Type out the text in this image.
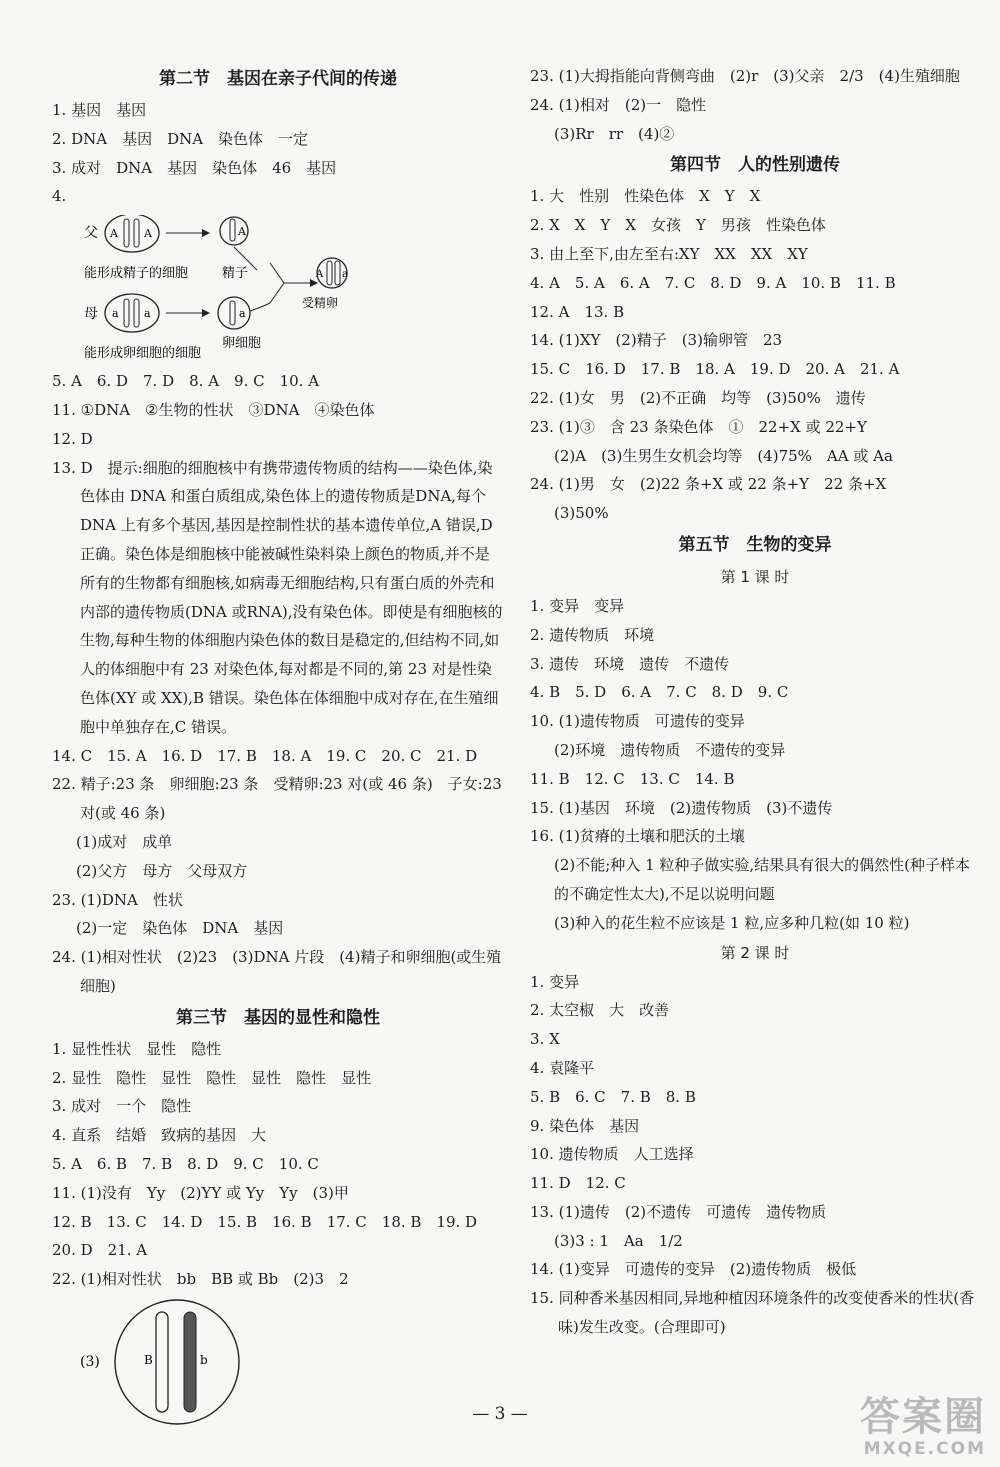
第二节　基因在亲子代间的传递
1. 基因　基因
2. DNA　基因　DNA　染色体　一定
3. 成对　DNA　基因　染色体　46　基因
4.
父 A A	A
能形成精子的细胞	精子	A a
受精卵
母 a a	a
能形成卵细胞的细胞
卵细胞
5. A　6. D　7. D　8. A　9. C　10. A
11. ①DNA　②生物的性状　③DNA　④染色体
12. D
13. D　提示:细胞的细胞核中有携带遗传物质的结构——染色体,染色体由 DNA 和蛋白质组成,染色体上的遗传物质是DNA,每个 DNA 上有多个基因,基因是控制性状的基本遗传单位,A 错误,D 正确。染色体是细胞核中能被碱性染料染上颜色的物质,并不是所有的生物都有细胞核,如病毒无细胞结构,只有蛋白质的外壳和内部的遗传物质(DNA 或RNA),没有染色体。即使是有细胞核的生物,每种生物的体细胞内染色体的数目是稳定的,但结构不同,如人的体细胞中有 23 对染色体,每对都是不同的,第 23 对是性染色体(XY 或 XX),B 错误。染色体在体细胞中成对存在,在生殖细胞中单独存在,C 错误。
14. C　15. A　16. D　17. B　18. A　19. C　20. C　21. D
22. 精子:23 条　卵细胞:23 条　受精卵:23 对(或 46 条)　子女:23 对(或 46 条)
(1)成对　成单
(2)父方　母方　父母双方
23. (1)DNA　性状
(2)一定　染色体　DNA　基因
24. (1)相对性状　(2)23　(3)DNA 片段　(4)精子和卵细胞(或生殖细胞)
第三节　基因的显性和隐性
1. 显性性状　显性　隐性
2. 显性　隐性　显性　隐性　显性　隐性　显性
3. 成对　一个　隐性
4. 直系　结婚　致病的基因　大
5. A　6. B　7. B　8. D　9. C　10. C
11. (1)没有　Yy　(2)YY 或 Yy　Yy　(3)甲
12. B　13. C　14. D　15. B　16. B　17. C　18. B　19. D
20. D　21. A
22. (1)相对性状　bb　BB 或 Bb　(2)3　2
(3)	B	b
23. (1)大拇指能向背侧弯曲　(2)r　(3)父亲　2/3　(4)生殖细胞
24. (1)相对　(2)一　隐性
(3)Rr　rr　(4)②
第四节　人的性别遗传
1. 大　性别　性染色体　X　Y　X
2. X　X　Y　X　女孩　Y　男孩　性染色体
3. 由上至下,由左至右:XY　XX　XX　XY
4. A　5. A　6. A　7. C　8. D　9. A　10. B　11. B
12. A　13. B
14. (1)XY　(2)精子　(3)输卵管　23
15. C　16. D　17. B　18. A　19. D　20. A　21. A
22. (1)女　男　(2)不正确　均等　(3)50%　遗传
23. (1)③　含 23 条染色体　①　22+X 或 22+Y
(2)A　(3)生男生女机会均等　(4)75%　AA 或 Aa
24. (1)男　女　(2)22 条+X 或 22 条+Y　22 条+X
(3)50%
第五节　生物的变异
第 1 课 时
1. 变异　变异
2. 遗传物质　环境
3. 遗传　环境　遗传　不遗传
4. B　5. D　6. A　7. C　8. D　9. C
10. (1)遗传物质　可遗传的变异
(2)环境　遗传物质　不遗传的变异
11. B　12. C　13. C　14. B
15. (1)基因　环境　(2)遗传物质　(3)不遗传
16. (1)贫瘠的土壤和肥沃的土壤
(2)不能;种入 1 粒种子做实验,结果具有很大的偶然性(种子样本的不确定性太大),不足以说明问题
(3)种入的花生粒不应该是 1 粒,应多种几粒(如 10 粒)
第 2 课 时
1. 变异
2. 太空椒　大　改善
3. X
4. 袁隆平
5. B　6. C　7. B　8. B
9. 染色体　基因
10. 遗传物质　人工选择
11. D　12. C
13. (1)遗传　(2)不遗传　可遗传　遗传物质
(3)3 : 1　Aa　1/2
14. (1)变异　可遗传的变异　(2)遗传物质　极低
15. 同种香米基因相同,异地种植因环境条件的改变使香米的性状(香味)发生改变。(合理即可)
— 3 —	答案圈
MXQE.COM
